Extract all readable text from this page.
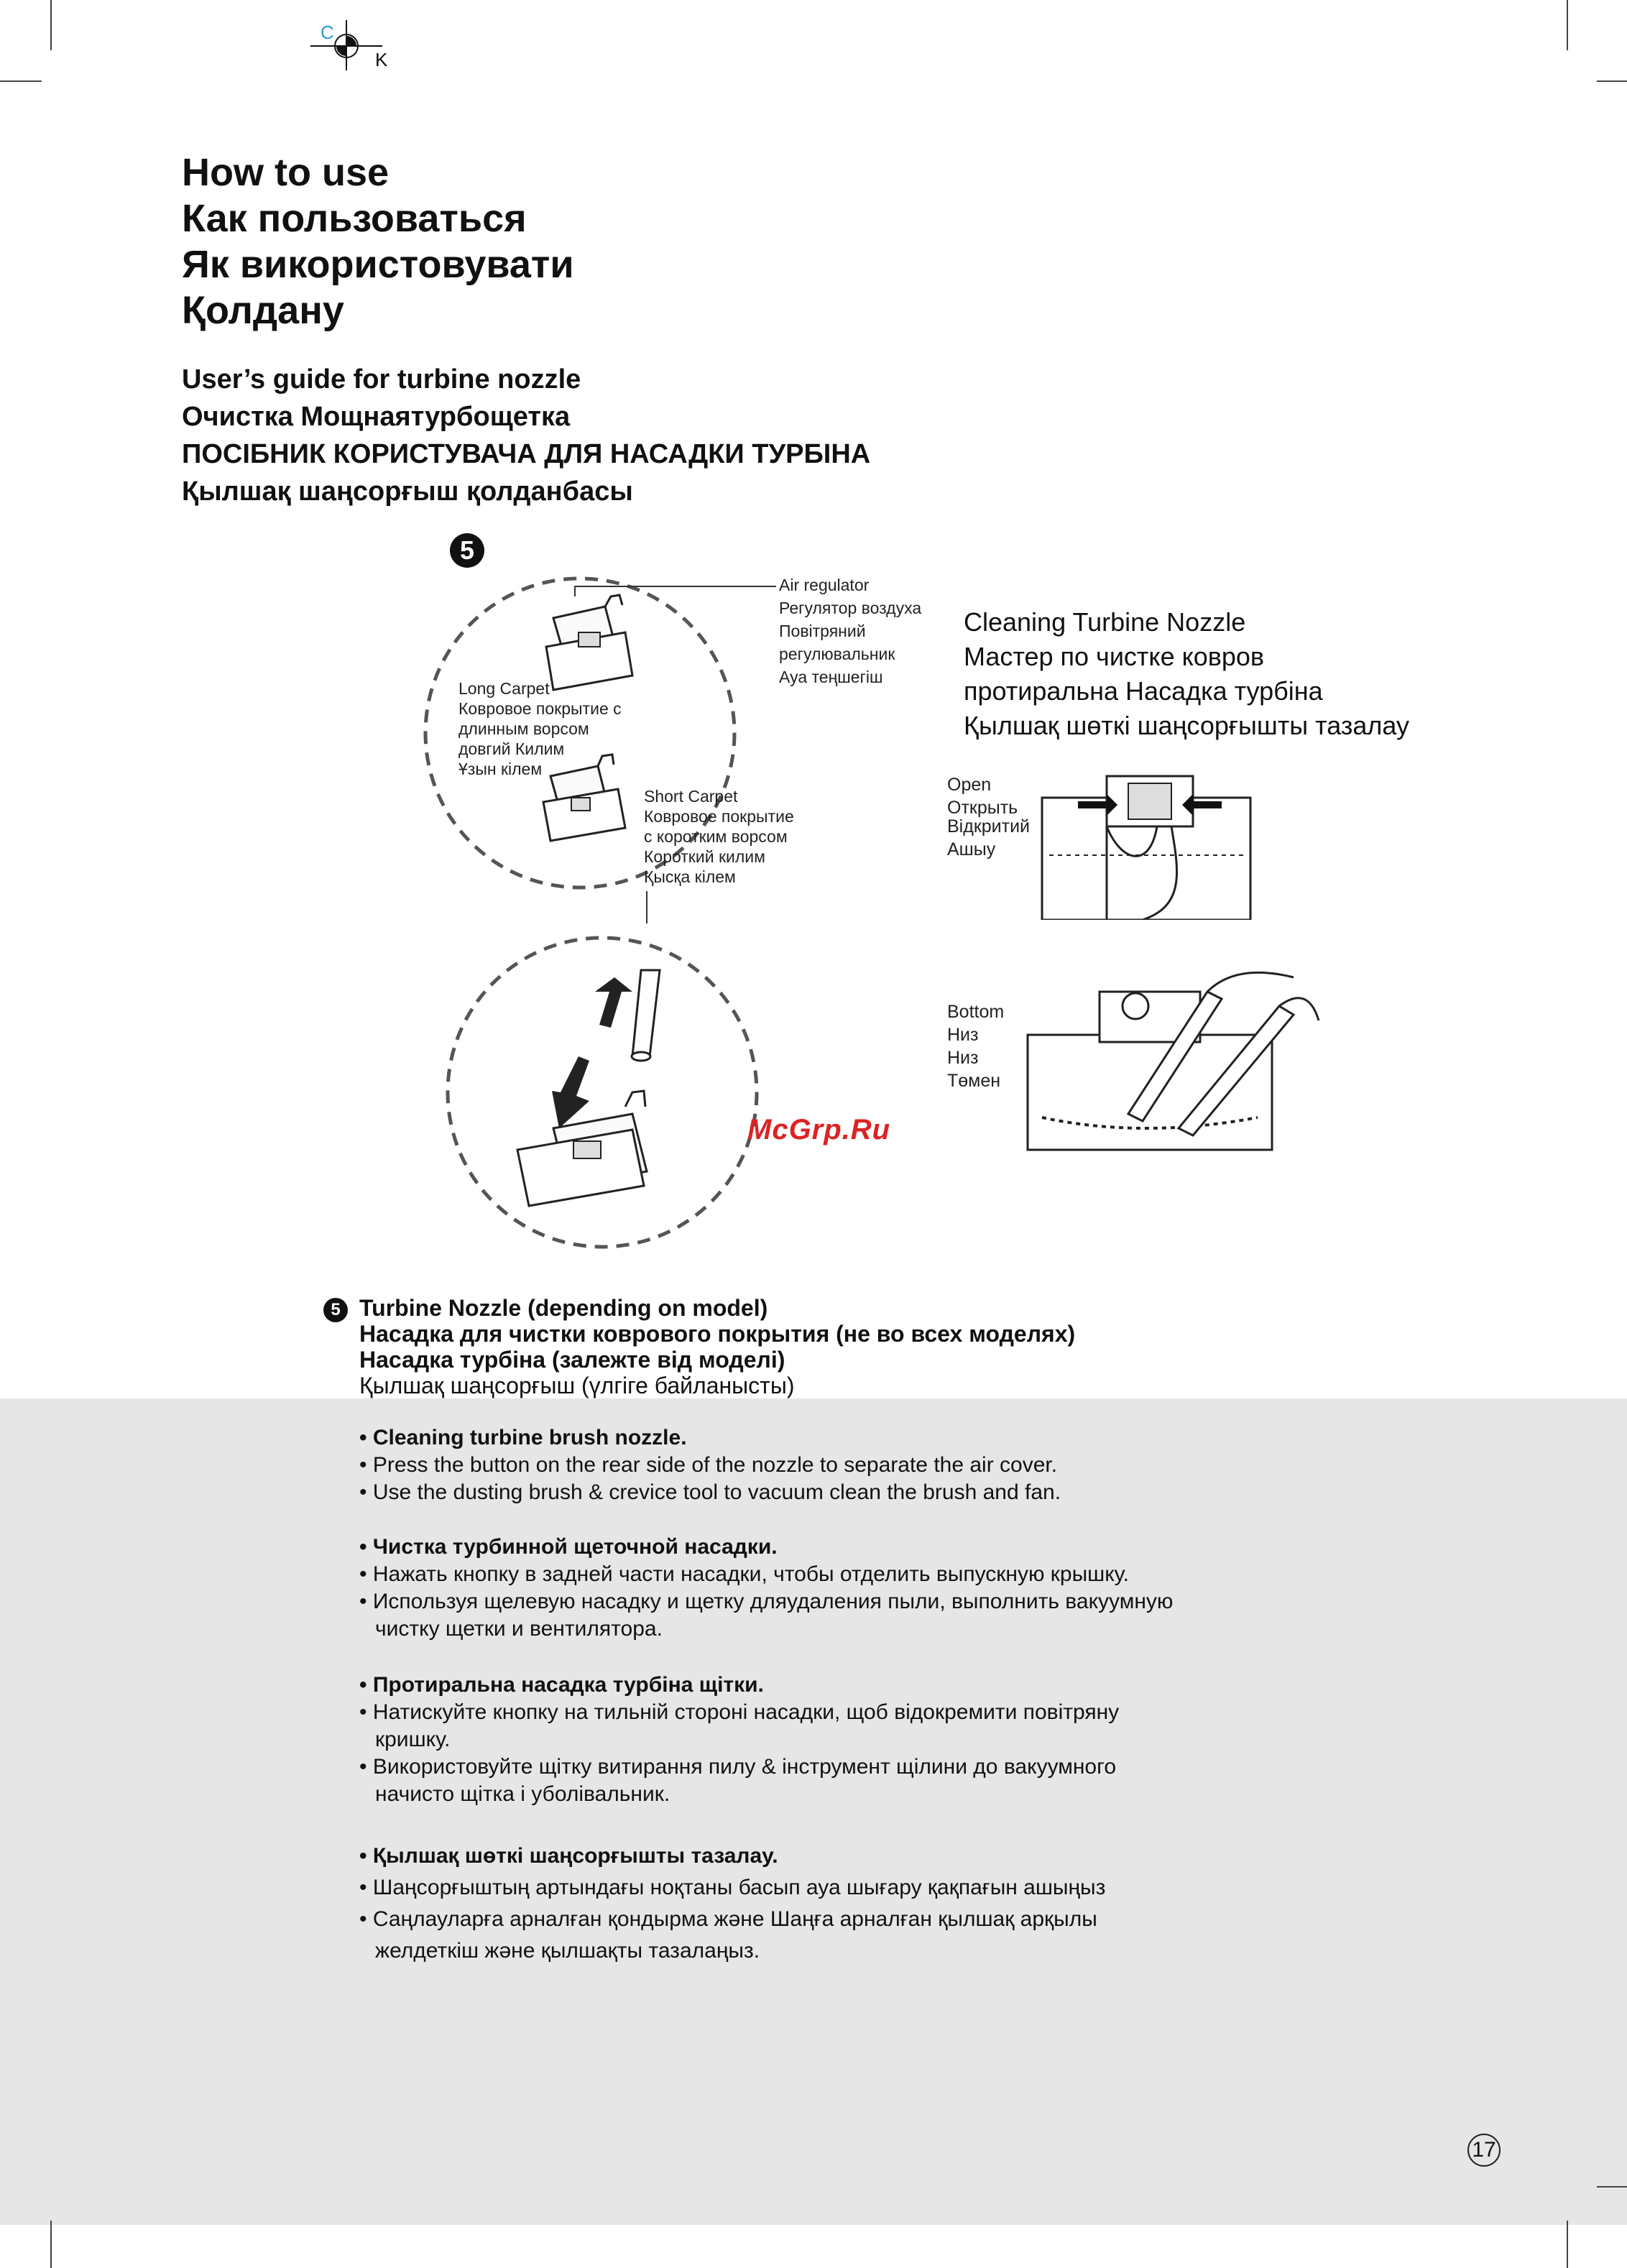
C
K
How to use
Как пользоваться
Як використовувати
Қолдану
User’s guide for turbine nozzle
Очистка Мощнаятурбощетка
ПОСІБНИК КОРИСТУВАЧА ДЛЯ НАСАДКИ ТУРБІНА
Қылшақ шаңсорғыш қолданбасы
5
Air regulator
Регулятор воздуха
Повітряний
регулювальник
Ауа теңшегіш
Long Carpet
Ковровое покрытие с
длинным ворсом
довгий Килим
Ұзын кілем
Short Carpet
Ковровое покрытие
с коротким ворсом
Короткий килим
Қысқа кілем
Cleaning Turbine Nozzle
Мастер по чистке ковров
протиральна Насадка турбіна
Қылшақ шөткі шаңсорғышты тазалау
Open
Открыть
Відкритий
Ашыу
Bottom
Низ
Низ
Төмен
McGrp.Ru
5 Turbine Nozzle (depending on model)
Насадка для чистки коврового покрытия (не во всех моделях)
Насадка турбіна (залежте від моделі)
Қылшақ шаңсорғыш (үлгіге байланысты)
• Cleaning turbine brush nozzle.
• Press the button on the rear side of the nozzle to separate the air cover.
• Use the dusting brush & crevice tool to vacuum clean the brush and fan.
• Чистка турбинной щеточной насадки.
• Нажать кнопку в задней части насадки, чтобы отделить выпускную крышку.
• Используя щелевую насадку и щетку дляудаления пыли, выполнить вакуумную
чистку щетки и вентилятора.
• Протиральна насадка турбіна щітки.
• Натискуйте кнопку на тильній стороні насадки, щоб відокремити повітряну
кришку.
• Використовуйте щітку витирання пилу & інструмент щілини до вакуумного
начисто щітка і уболівальник.
• Қылшақ шөткі шаңсорғышты тазалау.
• Шаңсорғыштың артындағы ноқтаны басып ауа шығару қақпағын ашыңыз
• Саңлауларға арналған қондырма және Шаңға арналған қылшақ арқылы
желдеткіш және қылшақты тазалаңыз.
17
